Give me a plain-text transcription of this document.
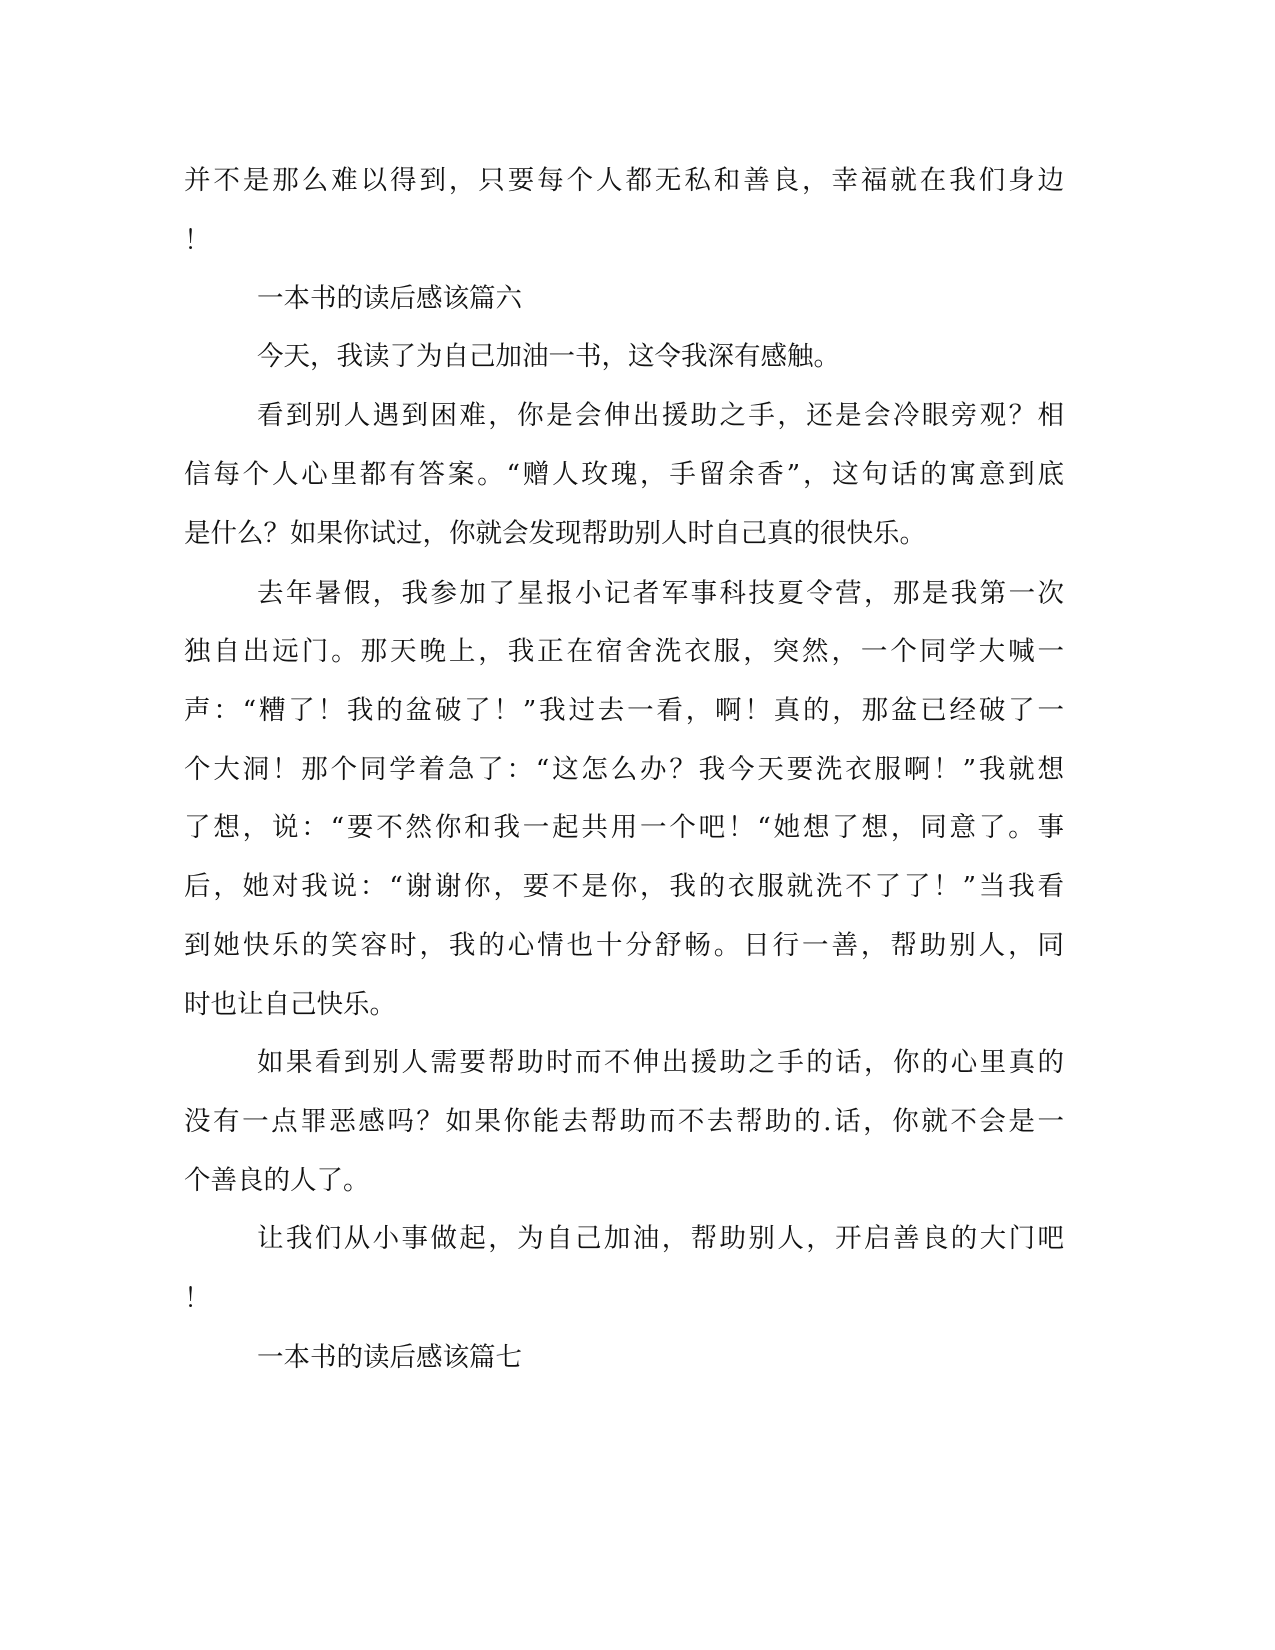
并不是那么难以得到，只要每个人都无私和善良，幸福就在我们身边

！

一本书的读后感该篇六

今天，我读了为自己加油一书，这令我深有感触。

看到别人遇到困难，你是会伸出援助之手，还是会冷眼旁观？相

信每个人心里都有答案。“赠人玫瑰，手留余香”，这句话的寓意到底

是什么？如果你试过，你就会发现帮助别人时自己真的很快乐。

去年暑假，我参加了星报小记者军事科技夏令营，那是我第一次

独自出远门。那天晚上，我正在宿舍洗衣服，突然，一个同学大喊一

声：“糟了！我的盆破了！”我过去一看，啊！真的，那盆已经破了一

个大洞！那个同学着急了：“这怎么办？我今天要洗衣服啊！”我就想

了想，说：“要不然你和我一起共用一个吧！“她想了想，同意了。事

后，她对我说：“谢谢你，要不是你，我的衣服就洗不了了！”当我看

到她快乐的笑容时，我的心情也十分舒畅。日行一善，帮助别人，同

时也让自己快乐。

如果看到别人需要帮助时而不伸出援助之手的话，你的心里真的

没有一点罪恶感吗？如果你能去帮助而不去帮助的.话，你就不会是一

个善良的人了。

让我们从小事做起，为自己加油，帮助别人，开启善良的大门吧

！

一本书的读后感该篇七
